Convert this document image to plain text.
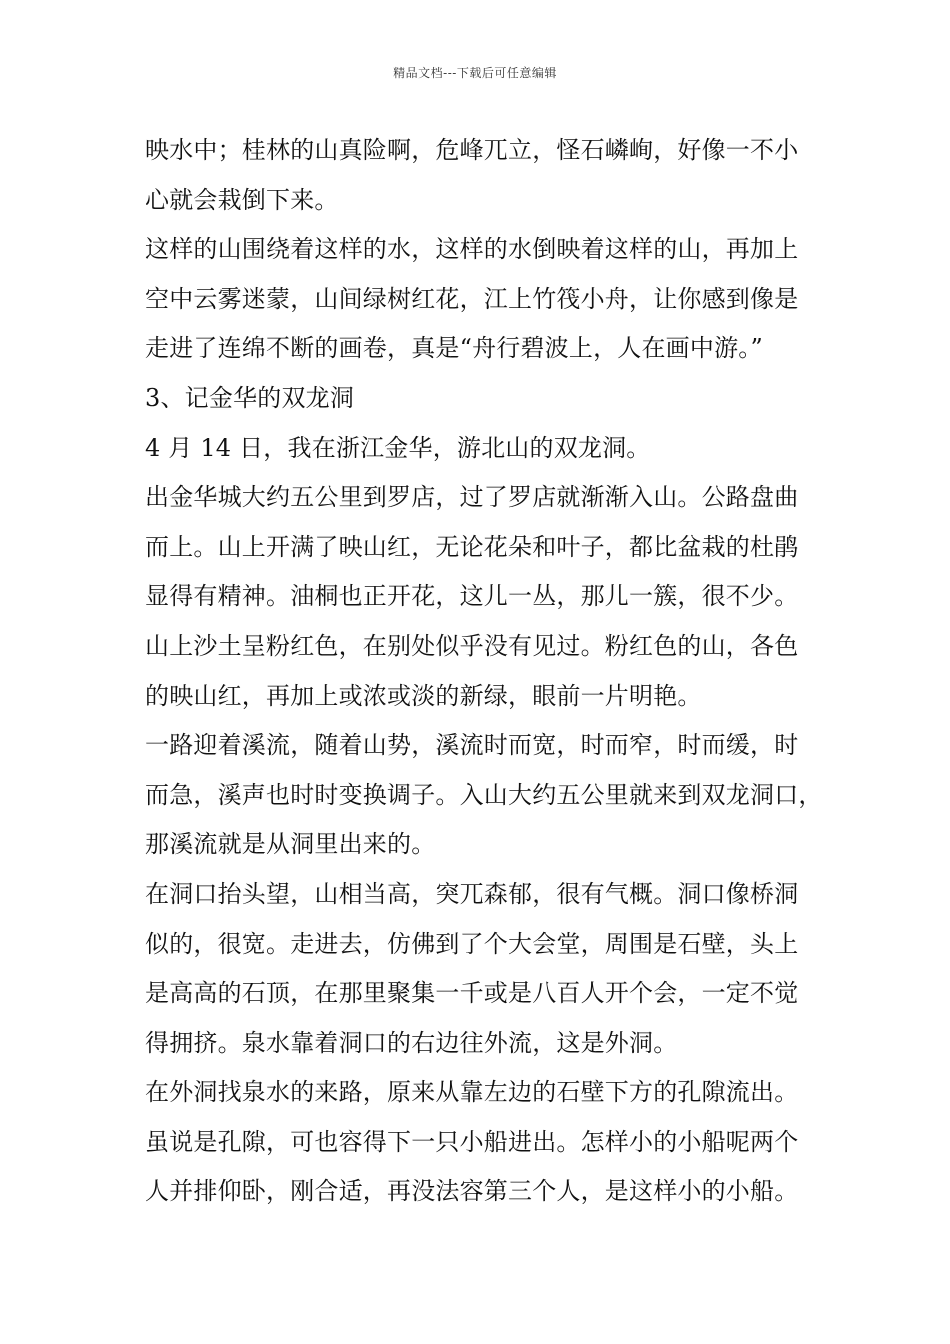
精品文档---下载后可任意编辑
映水中；桂林的山真险啊，危峰兀立，怪石嶙峋，好像一不小
心就会栽倒下来。
这样的山围绕着这样的水，这样的水倒映着这样的山，再加上
空中云雾迷蒙，山间绿树红花，江上竹筏小舟，让你感到像是
走进了连绵不断的画卷，真是“舟行碧波上，人在画中游。”
3、记金华的双龙洞
4 月 14 日，我在浙江金华，游北山的双龙洞。
出金华城大约五公里到罗店，过了罗店就渐渐入山。公路盘曲
而上。山上开满了映山红，无论花朵和叶子，都比盆栽的杜鹃
显得有精神。油桐也正开花，这儿一丛，那儿一簇，很不少。
山上沙土呈粉红色，在别处似乎没有见过。粉红色的山，各色
的映山红，再加上或浓或淡的新绿，眼前一片明艳。
一路迎着溪流，随着山势，溪流时而宽，时而窄，时而缓，时
而急，溪声也时时变换调子。入山大约五公里就来到双龙洞口，
那溪流就是从洞里出来的。
在洞口抬头望，山相当高，突兀森郁，很有气概。洞口像桥洞
似的，很宽。走进去，仿佛到了个大会堂，周围是石壁，头上
是高高的石顶，在那里聚集一千或是八百人开个会，一定不觉
得拥挤。泉水靠着洞口的右边往外流，这是外洞。
在外洞找泉水的来路，原来从靠左边的石壁下方的孔隙流出。
虽说是孔隙，可也容得下一只小船进出。怎样小的小船呢两个
人并排仰卧，刚合适，再没法容第三个人，是这样小的小船。
